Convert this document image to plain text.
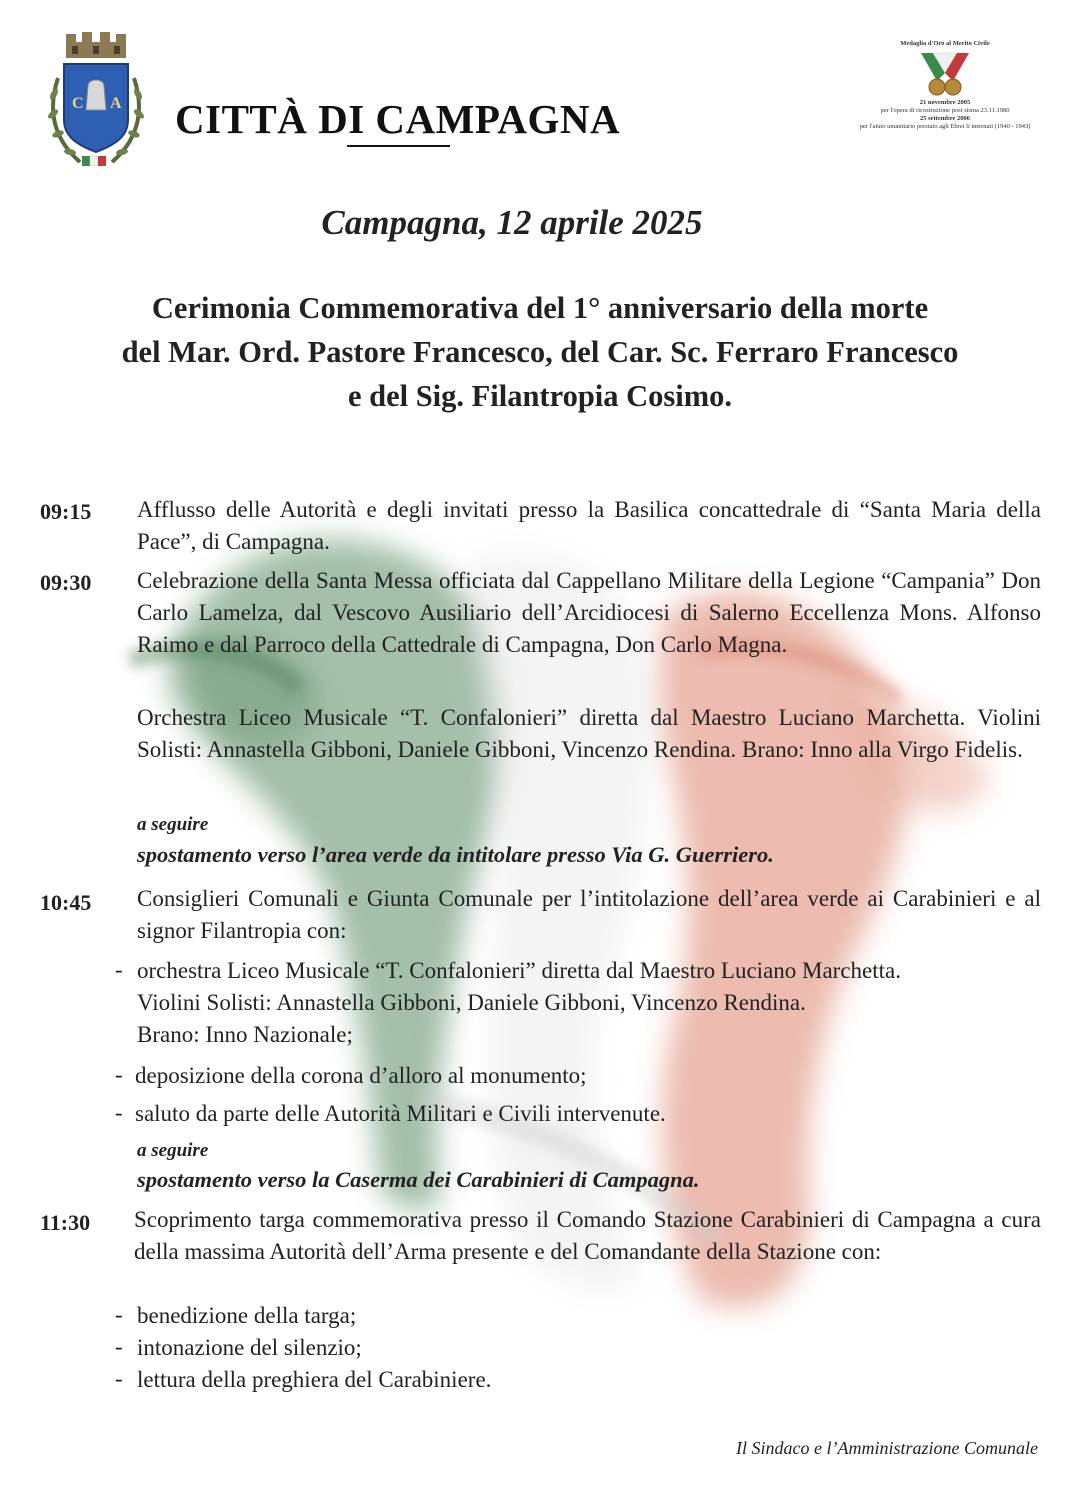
C A CITTÀ DI CAMPAGNA
Medaglia d'Oro al Merito Civile
21 novembre 2005
per l'opera di ricostruzione post sisma 23.11.1980
25 settembre 2006
per l'aiuto umanitario prestato agli Ebrei li internati (1940 - 1943)
Campagna, 12 aprile 2025
Cerimonia Commemorativa del 1° anniversario della morte
del Mar. Ord. Pastore Francesco, del Car. Sc. Ferraro Francesco
e del Sig. Filantropia Cosimo.
09:15 Afflusso delle Autorità e degli invitati presso la Basilica concattedrale di “Santa Maria della Pace”, di Campagna.
09:30 Celebrazione della Santa Messa officiata dal Cappellano Militare della Legione “Campania” Don Carlo Lamelza, dal Vescovo Ausiliario dell’Arcidiocesi di Salerno Eccellenza Mons. Alfonso Raimo e dal Parroco della Cattedrale di Campagna, Don Carlo Magna.
Orchestra Liceo Musicale “T. Confalonieri” diretta dal Maestro Luciano Marchetta. Violini Solisti: Annastella Gibboni, Daniele Gibboni, Vincenzo Rendina. Brano: Inno alla Virgo Fidelis.
a seguire
spostamento verso l’area verde da intitolare presso Via G. Guerriero.
10:45 Consiglieri Comunali e Giunta Comunale per l’intitolazione dell’area verde ai Carabinieri e al signor Filantropia con:
- orchestra Liceo Musicale “T. Confalonieri” diretta dal Maestro Luciano Marchetta.
Violini Solisti: Annastella Gibboni, Daniele Gibboni, Vincenzo Rendina.
Brano: Inno Nazionale;
- deposizione della corona d’alloro al monumento;
- saluto da parte delle Autorità Militari e Civili intervenute.
a seguire
spostamento verso la Caserma dei Carabinieri di Campagna.
11:30 Scoprimento targa commemorativa presso il Comando Stazione Carabinieri di Campagna a cura della massima Autorità dell’Arma presente e del Comandante della Stazione con:
- benedizione della targa;
- intonazione del silenzio;
- lettura della preghiera del Carabiniere.
Il Sindaco e l’Amministrazione Comunale
